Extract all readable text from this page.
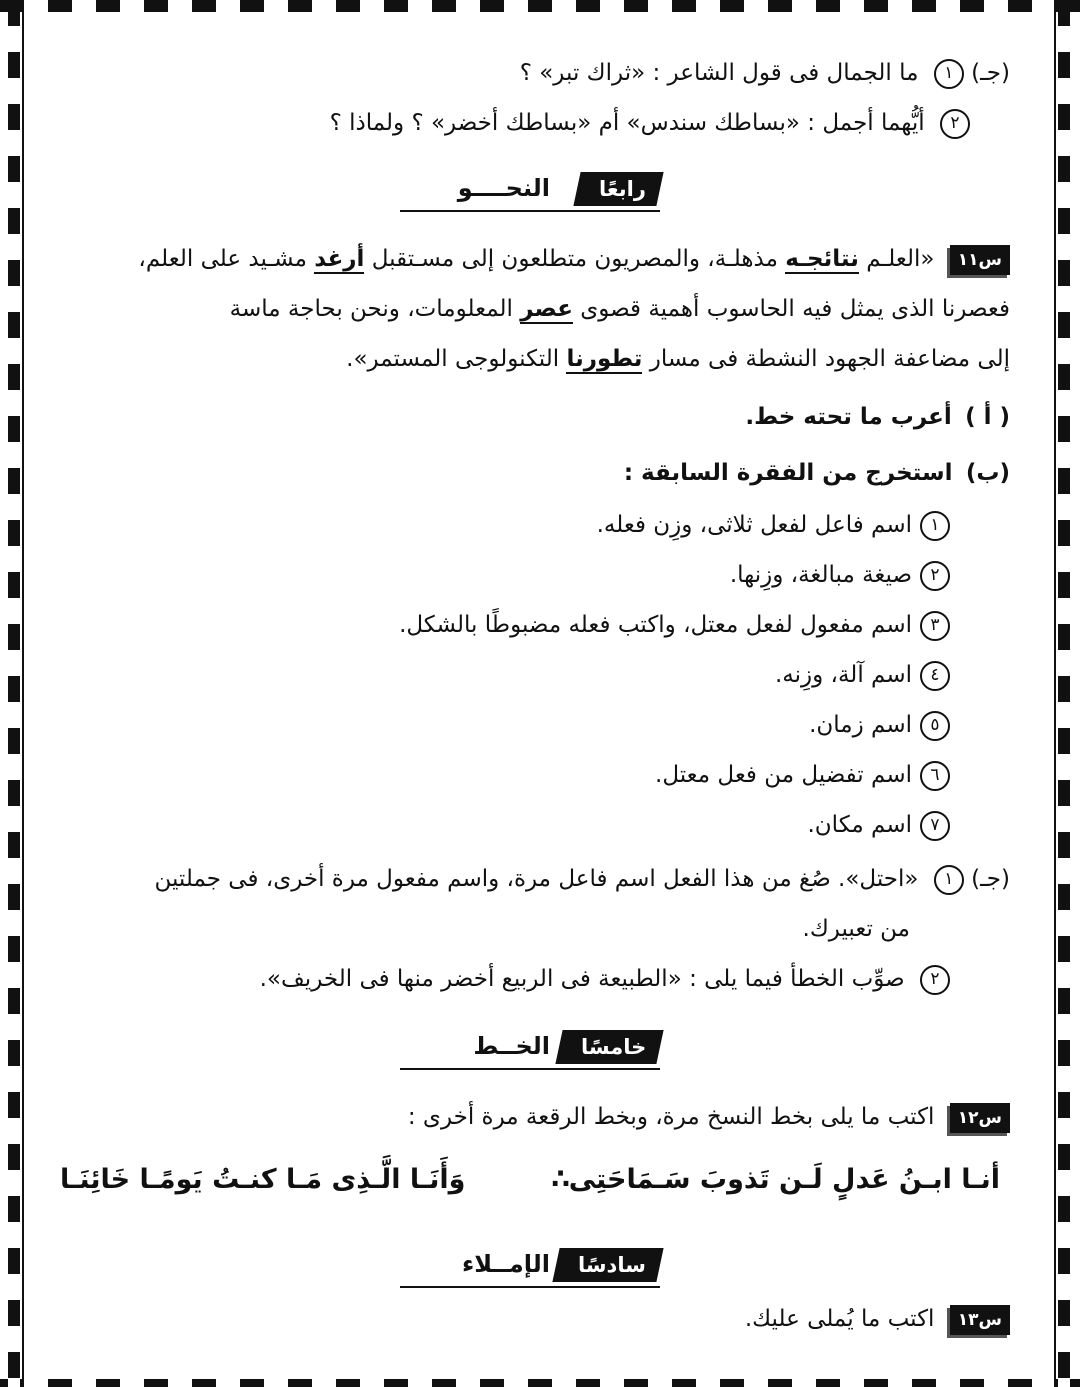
(جـ) ١ ما الجمال فى قول الشاعر : «ثراك تبر» ؟
٢ أيُّهما أجمل : «بساطك سندس» أم «بساطك أخضر» ؟ ولماذا ؟
رابعًا
النحــــو
س١١ «العلـم نتائجـه مذهلـة، والمصريون متطلعون إلى مسـتقبل أرغد مشـيد على العلم،
فعصرنا الذى يمثل فيه الحاسوب أهمية قصوى عصر المعلومات، ونحن بحاجة ماسة
إلى مضاعفة الجهود النشطة فى مسار تطورنا التكنولوجى المستمر».
( أ ) أعرب ما تحته خط.
(ب) استخرج من الفقرة السابقة :
١اسم فاعل لفعل ثلاثى، وزِن فعله.
٢صيغة مبالغة، وزِنها.
٣اسم مفعول لفعل معتل، واكتب فعله مضبوطًا بالشكل.
٤اسم آلة، وزِنه.
٥اسم زمان.
٦اسم تفضيل من فعل معتل.
٧اسم مكان.
(جـ) ١ «احتل». صُغ من هذا الفعل اسم فاعل مرة، واسم مفعول مرة أخرى، فى جملتين
من تعبيرك.
٢ صوِّب الخطأ فيما يلى : «الطبيعة فى الربيع أخضر منها فى الخريف».
خامسًا
الخــط
س١٢ اكتب ما يلى بخط النسخ مرة، وبخط الرقعة مرة أخرى :
أنـا ابـنُ عَدلٍ لَـن تَذوبَ سَـمَاحَتِى
∴
وَأَنَـا الَّـذِى مَـا كنـتُ يَومًـا خَائِنَـا
سادسًا
الإمــلاء
س١٣ اكتب ما يُملى عليك.
